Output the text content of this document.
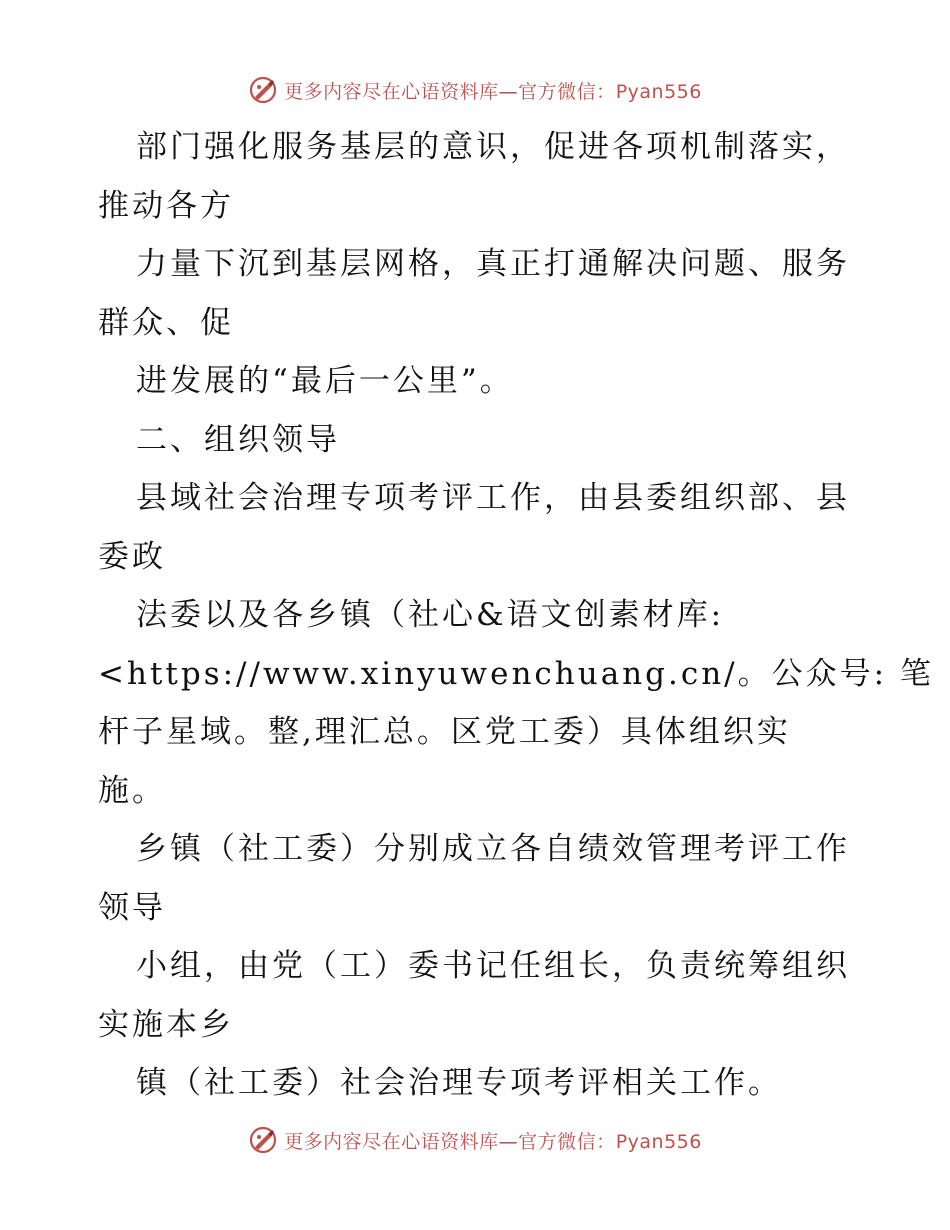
更多内容尽在心语资料库—官方微信：Pyan556
部门强化服务基层的意识，促进各项机制落实，
推动各方
力量下沉到基层网格，真正打通解决问题、服务
群众、促
进发展的“最后一公里”。
二、组织领导
县域社会治理专项考评工作，由县委组织部、县
委政
法委以及各乡镇（社心&语文创素材库:
<https://www.xinyuwenchuang.cn/。公众号: 笔
杆子星域。整,理汇总。区党工委）具体组织实
施。
乡镇（社工委）分别成立各自绩效管理考评工作
领导
小组，由党（工）委书记任组长，负责统筹组织
实施本乡
镇（社工委）社会治理专项考评相关工作。
更多内容尽在心语资料库—官方微信：Pyan556
